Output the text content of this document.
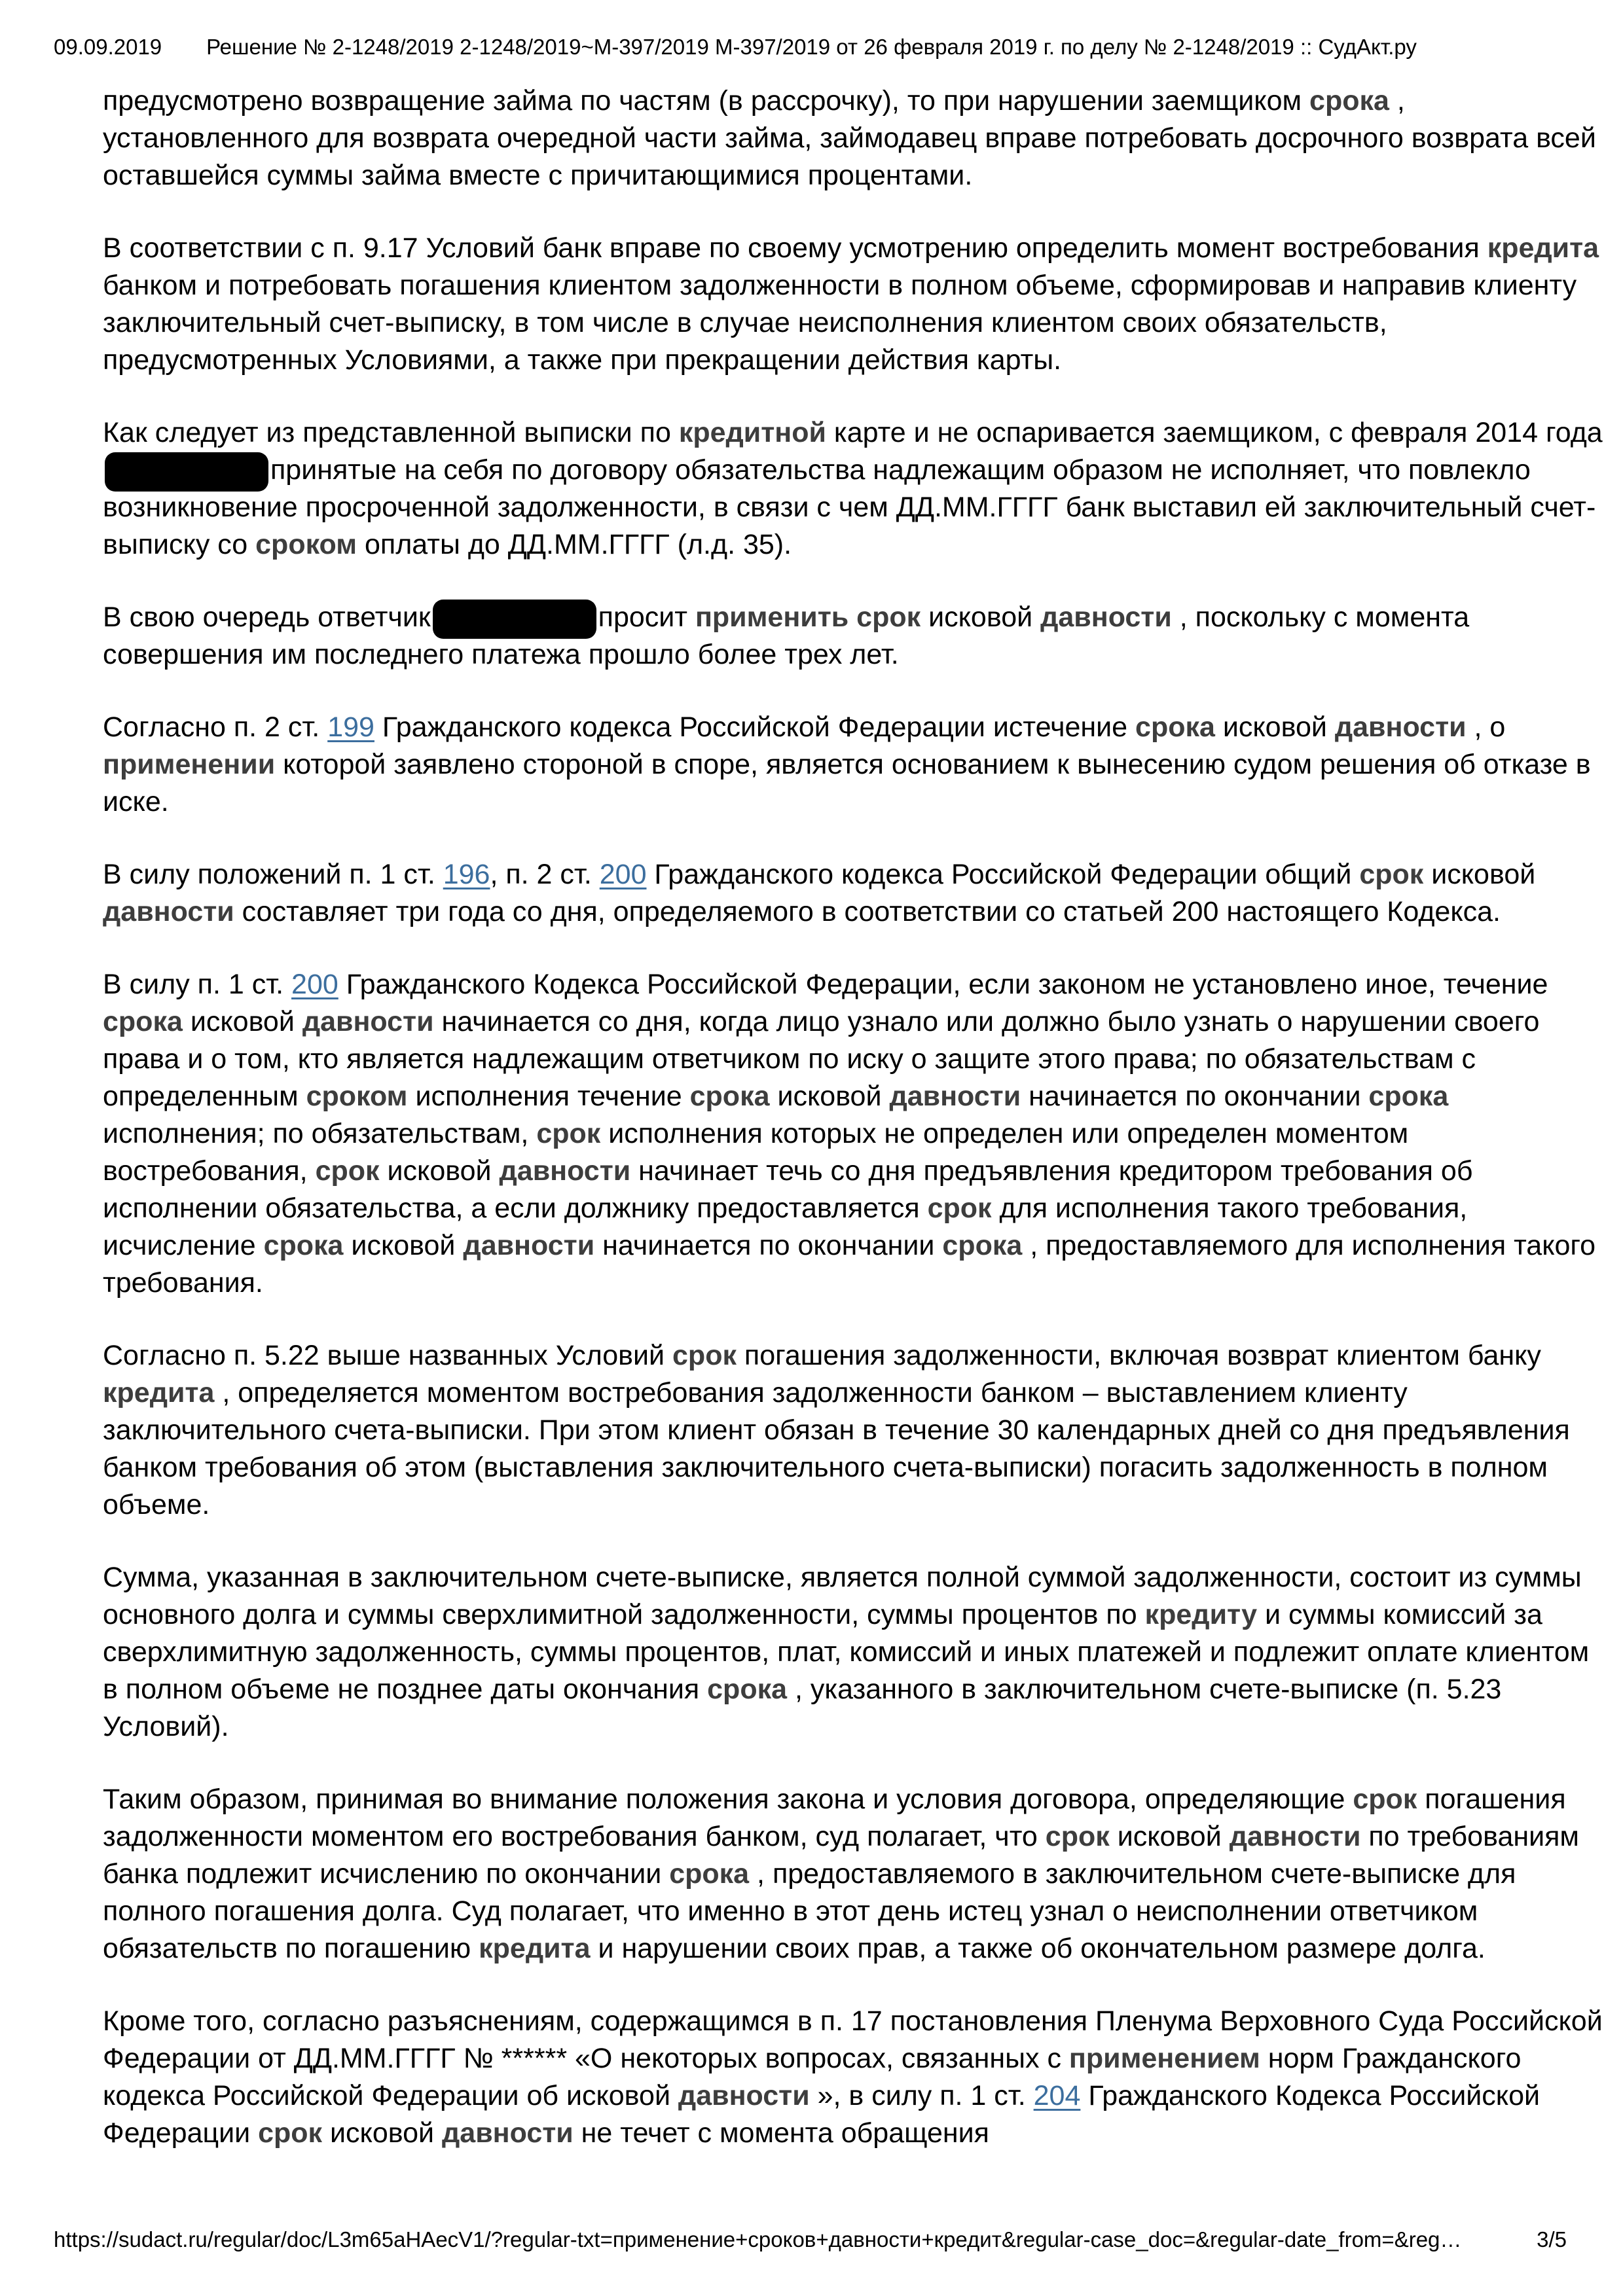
Решение № 2-1248/2019 2-1248/2019~М-397/2019 М-397/2019 от 26 февраля 2019 г. по делу № 2-1248/2019 :: СудАкт.ру
09.09.2019

предусмотрено возвращение займа по частям (в рассрочку), то при нарушении заемщиком срока , установленного для возврата очередной части займа, займодавец вправе потребовать досрочного возврата всей оставшейся суммы займа вместе с причитающимися процентами.

В соответствии с п. 9.17 Условий банк вправе по своему усмотрению определить момент востребования кредита банком и потребовать погашения клиентом задолженности в полном объеме, сформировав и направив клиенту заключительный счет-выписку, в том числе в случае неисполнения клиентом своих обязательств, предусмотренных Условиями, а также при прекращении действия карты.

Как следует из представленной выписки по кредитной карте и не оспаривается заемщиком, с февраля 2014 годапринятые на себя по договору обязательства надлежащим образом не исполняет, что повлекло возникновение просроченной задолженности, в связи с чем ДД.ММ.ГГГГ банк выставил ей заключительный счет-выписку со сроком оплаты до ДД.ММ.ГГГГ (л.д. 35).

В свою очередь ответчик	просит применить срок исковой давности , поскольку с момента совершения им последнего платежа прошло более трех лет.

Согласно п. 2 ст. 199 Гражданского кодекса Российской Федерации истечение срока исковой давности , о применении которой заявлено стороной в споре, является основанием к вынесению судом решения об отказе в иске.

В силу положений п. 1 ст. 196, п. 2 ст. 200 Гражданского кодекса Российской Федерации общий срок исковой давности составляет три года со дня, определяемого в соответствии со статьей 200 настоящего Кодекса.

В силу п. 1 ст. 200 Гражданского Кодекса Российской Федерации, если законом не установлено иное, течение срока исковой давности начинается со дня, когда лицо узнало или должно было узнать о нарушении своего права и о том, кто является надлежащим ответчиком по иску о защите этого права; по обязательствам с определенным сроком исполнения течение срока исковой давности начинается по окончании срока исполнения; по обязательствам, срок исполнения которых не определен или определен моментом востребования, срок исковой давности начинает течь со дня предъявления кредитором требования об исполнении обязательства, а если должнику предоставляется срок для исполнения такого требования, исчисление срока исковой давности начинается по окончании срока , предоставляемого для исполнения такого требования.

Согласно п. 5.22 выше названных Условий срок погашения задолженности, включая возврат клиентом банку кредита , определяется моментом востребования задолженности банком – выставлением клиенту заключительного счета-выписки. При этом клиент обязан в течение 30 календарных дней со дня предъявления банком требования об этом (выставления заключительного счета-выписки) погасить задолженность в полном объеме.

Сумма, указанная в заключительном счете-выписке, является полной суммой задолженности, состоит из суммы основного долга и суммы сверхлимитной задолженности, суммы процентов по кредиту и суммы комиссий за сверхлимитную задолженность, суммы процентов, плат, комиссий и иных платежей и подлежит оплате клиентом в полном объеме не позднее даты окончания срока , указанного в заключительном счете-выписке (п. 5.23 Условий).

Таким образом, принимая во внимание положения закона и условия договора, определяющие срок погашения задолженности моментом его востребования банком, суд полагает, что срок исковой давности по требованиям банка подлежит исчислению по окончании срока , предоставляемого в заключительном счете-выписке для полного погашения долга. Суд полагает, что именно в этот день истец узнал о неисполнении ответчиком обязательств по погашению кредита и нарушении своих прав, а также об окончательном размере долга.

Кроме того, согласно разъяснениям, содержащимся в п. 17 постановления Пленума Верховного Суда Российской Федерации от ДД.ММ.ГГГГ № ****** «О некоторых вопросах, связанных с применением норм Гражданского кодекса Российской Федерации об исковой давности », в силу п. 1 ст. 204 Гражданского Кодекса Российской Федерации срок исковой давности не течет с момента обращения

https://sudact.ru/regular/doc/L3m65aHAecV1/?regular-txt=применение+сроков+давности+кредит&regular-case_doc=&regular-date_from=&reg…	3/5
